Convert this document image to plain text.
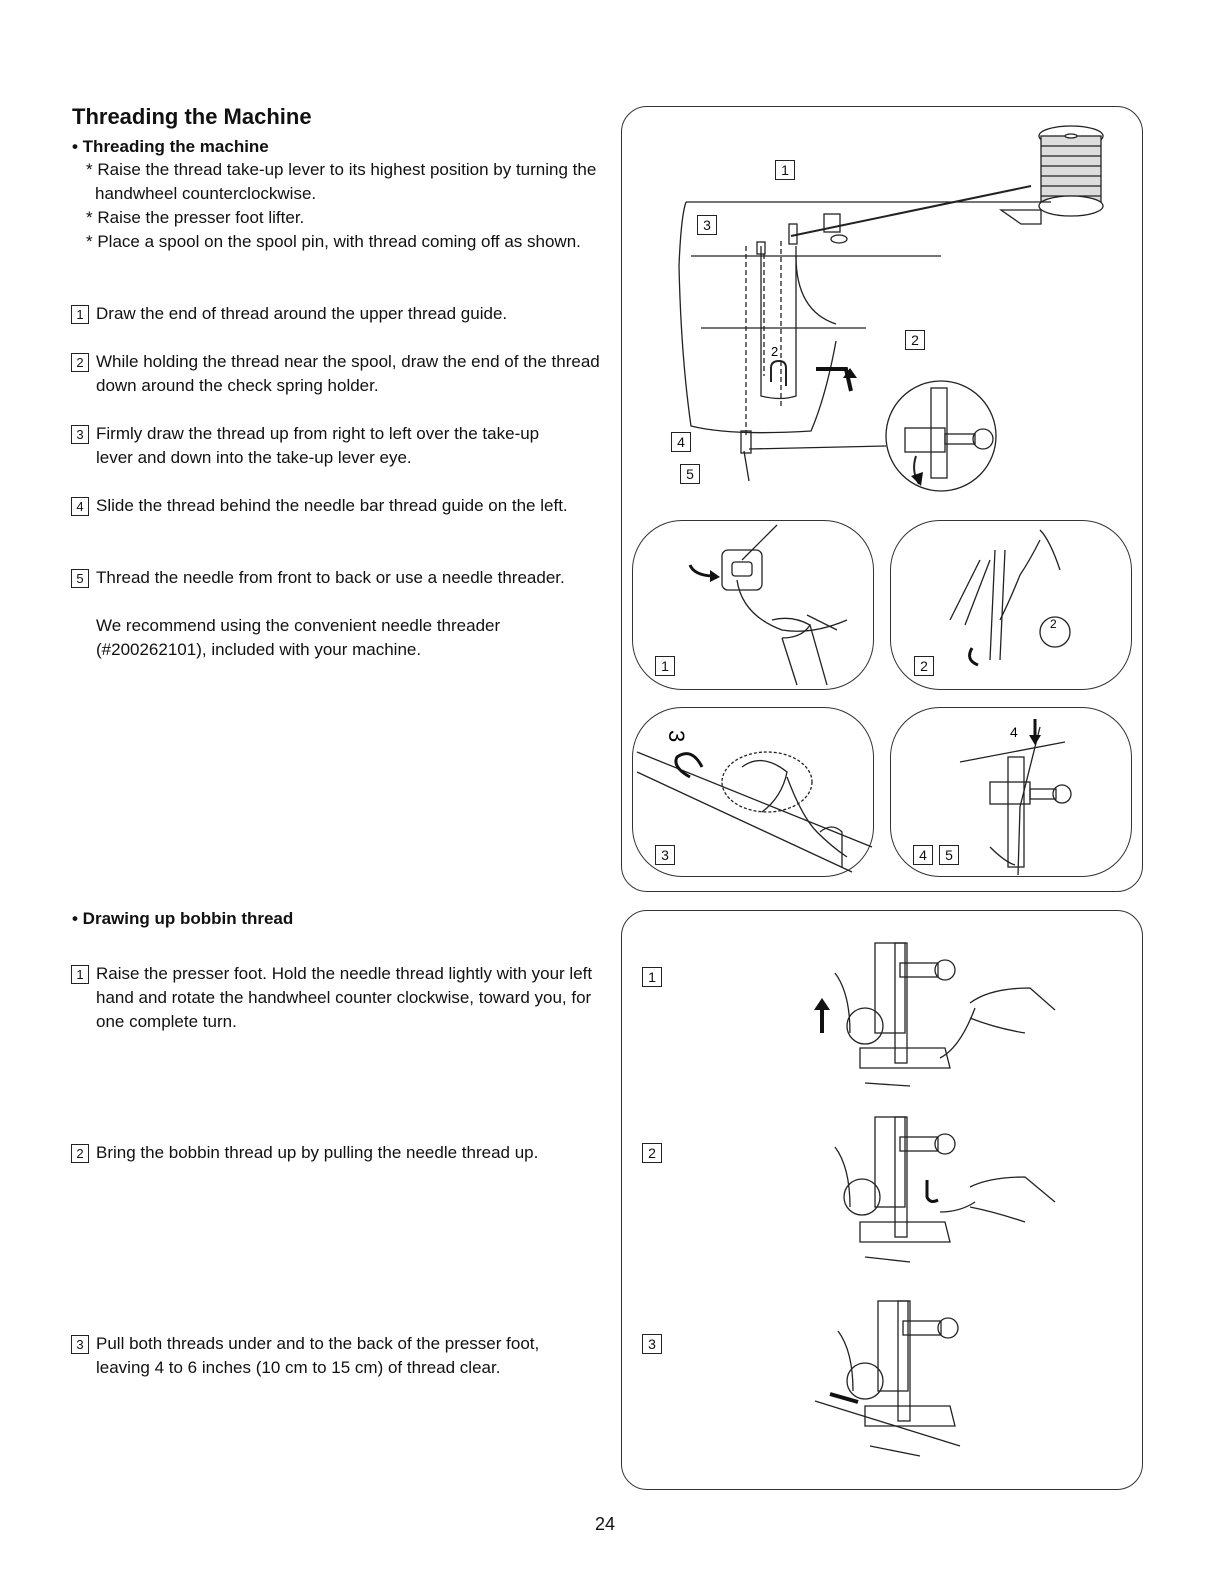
Threading the Machine
• Threading the machine
* Raise the thread take-up lever to its highest position by turning the handwheel counterclockwise.
* Raise the presser foot lifter.
* Place a spool on the spool pin, with thread coming off as shown.
1 Draw the end of thread around the upper thread guide.
2 While holding the thread near the spool, draw the end of the thread down around the check spring holder.
3 Firmly draw the thread up from right to left over the take-up lever and down into the take-up lever eye.
4 Slide the thread behind the needle bar thread guide on the left.
5 Thread the needle from front to back or use a needle threader.
We recommend using the convenient needle threader (#200262101), included with your machine.
• Drawing up bobbin thread
1 Raise the presser foot. Hold the needle thread lightly with your left hand and rotate the handwheel counter clockwise, toward you, for one complete turn.
2 Bring the bobbin thread up by pulling the needle thread up.
3 Pull both threads under and to the back of the presser foot, leaving 4 to 6 inches (10 cm to 15 cm) of thread clear.
2
1
2
3
4
5
1
2
2
3
3
4
4	5
1
2
3
24
